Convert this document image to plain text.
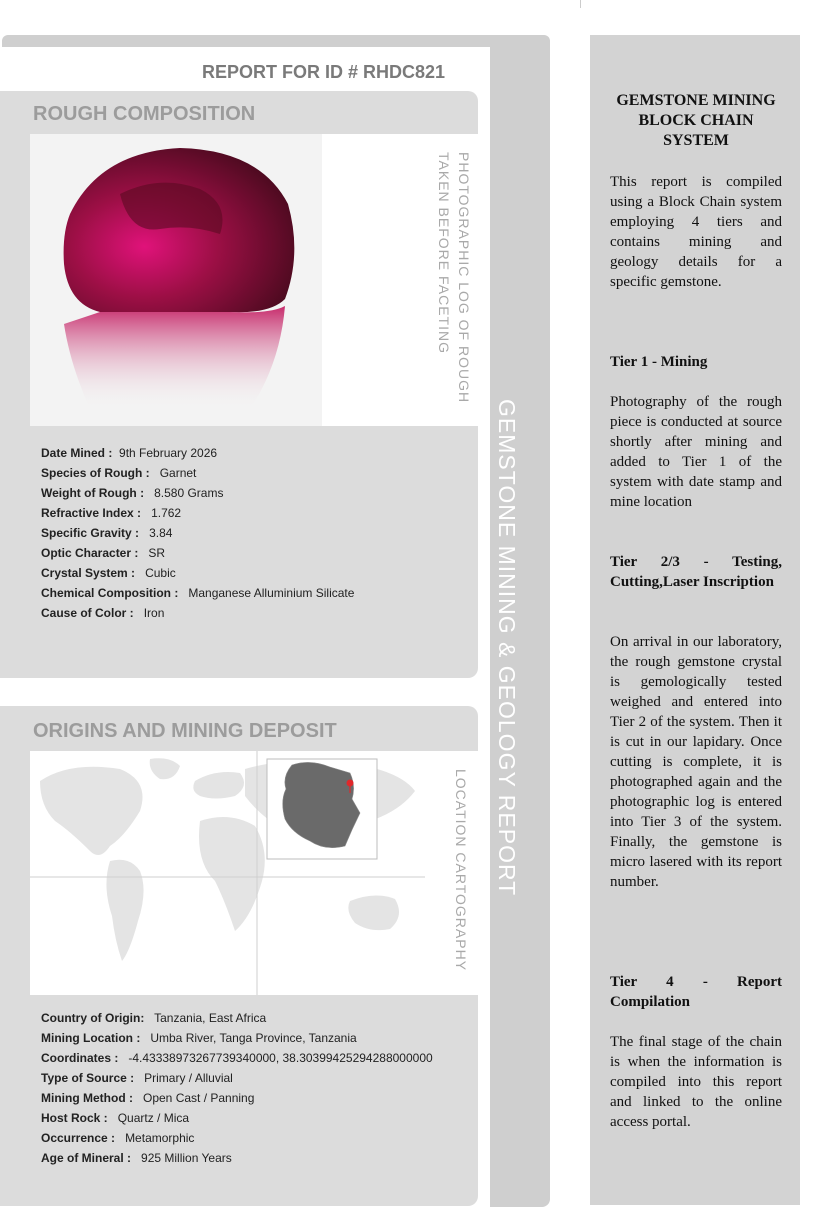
GEMSTONE MINING & GEOLOGY REPORT
REPORT FOR ID # RHDC821
ROUGH COMPOSITION
PHOTOGRAPHIC LOG OF ROUGH
TAKEN BEFORE FACETING
Date Mined : 9th February 2026
Species of Rough : Garnet
Weight of Rough : 8.580 Grams
Refractive Index : 1.762
Specific Gravity : 3.84
Optic Character : SR
Crystal System : Cubic
Chemical Composition : Manganese Alluminium Silicate
Cause of Color : Iron
ORIGINS AND MINING DEPOSIT
LOCATION CARTOGRAPHY
Country of Origin: Tanzania, East Africa
Mining Location : Umba River, Tanga Province, Tanzania
Coordinates : -4.43338973267739340000, 38.30399425294288000000
Type of Source : Primary / Alluvial
Mining Method : Open Cast / Panning
Host Rock : Quartz / Mica
Occurrence : Metamorphic
Age of Mineral : 925 Million Years
GEMSTONE MINING BLOCK CHAIN SYSTEM
This report is compiled using a Block Chain system employing 4 tiers and contains mining and geology details for a specific gemstone.
Tier 1 - Mining
Photography of the rough piece is conducted at source shortly after mining and added to Tier 1 of the system with date stamp and mine location
Tier 2/3 - Testing, Cutting,Laser Inscription
On arrival in our laboratory, the rough gemstone crystal is gemologically tested weighed and entered into Tier 2 of the system. Then it is cut in our lapidary. Once cutting is complete, it is photographed again and the photographic log is entered into Tier 3 of the system. Finally, the gemstone is micro lasered with its report number.
Tier 4 - Report Compilation
The final stage of the chain is when the information is compiled into this report and linked to the online access portal.
